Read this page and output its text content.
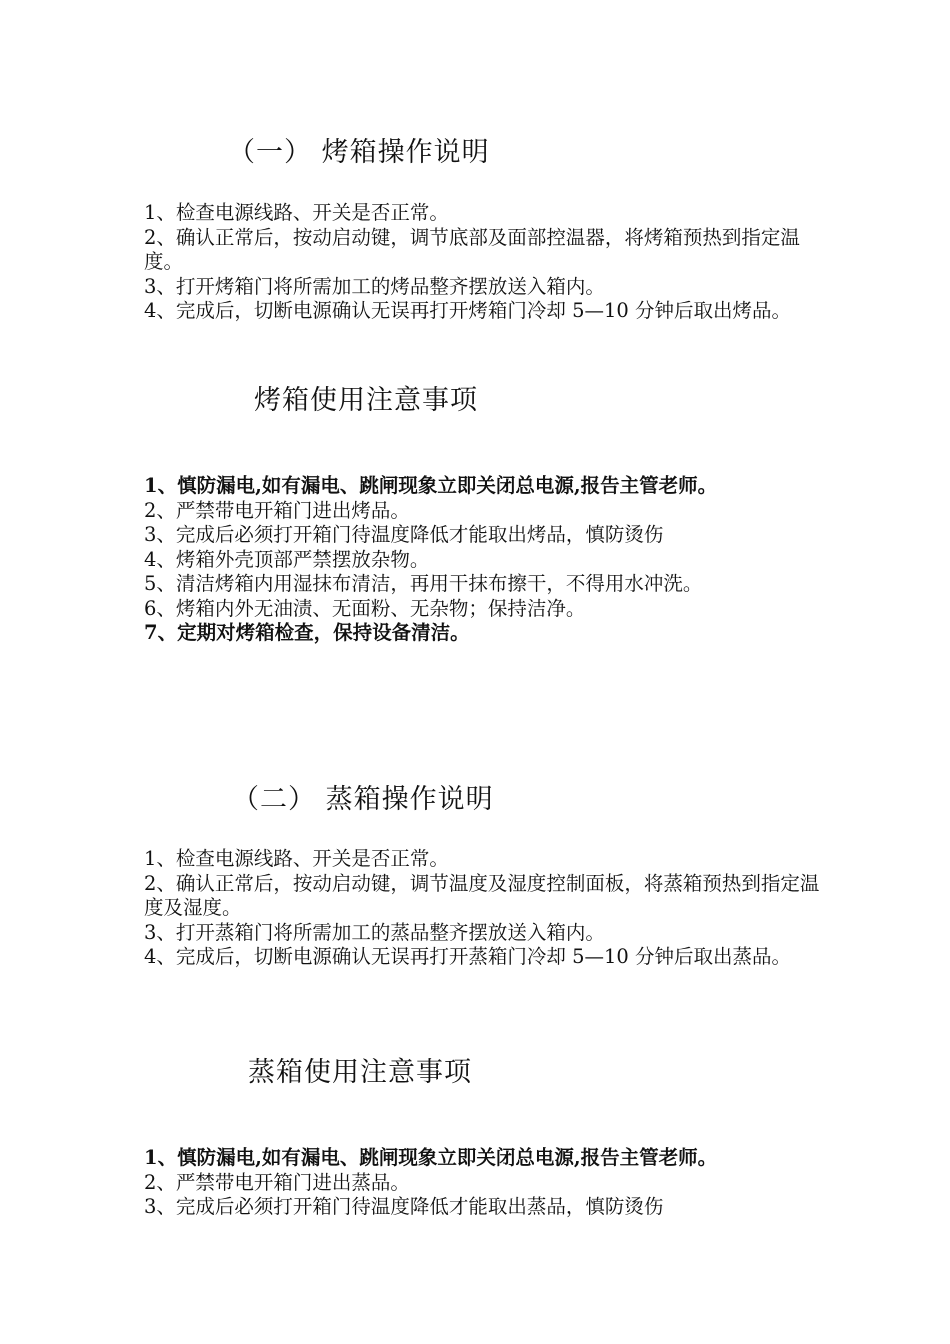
（一） 烤箱操作说明

1、检查电源线路、开关是否正常。

2、确认正常后，按动启动键，调节底部及面部控温器，将烤箱预热到指定温度。

3、打开烤箱门将所需加工的烤品整齐摆放送入箱内。

4、完成后，切断电源确认无误再打开烤箱门冷却 5—10 分钟后取出烤品。

烤箱使用注意事项

1、慎防漏电,如有漏电、跳闸现象立即关闭总电源,报告主管老师。

2、严禁带电开箱门进出烤品。

3、完成后必须打开箱门待温度降低才能取出烤品，慎防烫伤

4、烤箱外壳顶部严禁摆放杂物。

5、清洁烤箱内用湿抹布清洁，再用干抹布擦干，不得用水冲洗。

6、烤箱内外无油渍、无面粉、无杂物；保持洁净。

7、定期对烤箱检查，保持设备清洁。

（二） 蒸箱操作说明

1、检查电源线路、开关是否正常。

2、确认正常后，按动启动键，调节温度及湿度控制面板，将蒸箱预热到指定温度及湿度。

3、打开蒸箱门将所需加工的蒸品整齐摆放送入箱内。

4、完成后，切断电源确认无误再打开蒸箱门冷却 5—10 分钟后取出蒸品。

蒸箱使用注意事项

1、慎防漏电,如有漏电、跳闸现象立即关闭总电源,报告主管老师。

2、严禁带电开箱门进出蒸品。

3、完成后必须打开箱门待温度降低才能取出蒸品，慎防烫伤
